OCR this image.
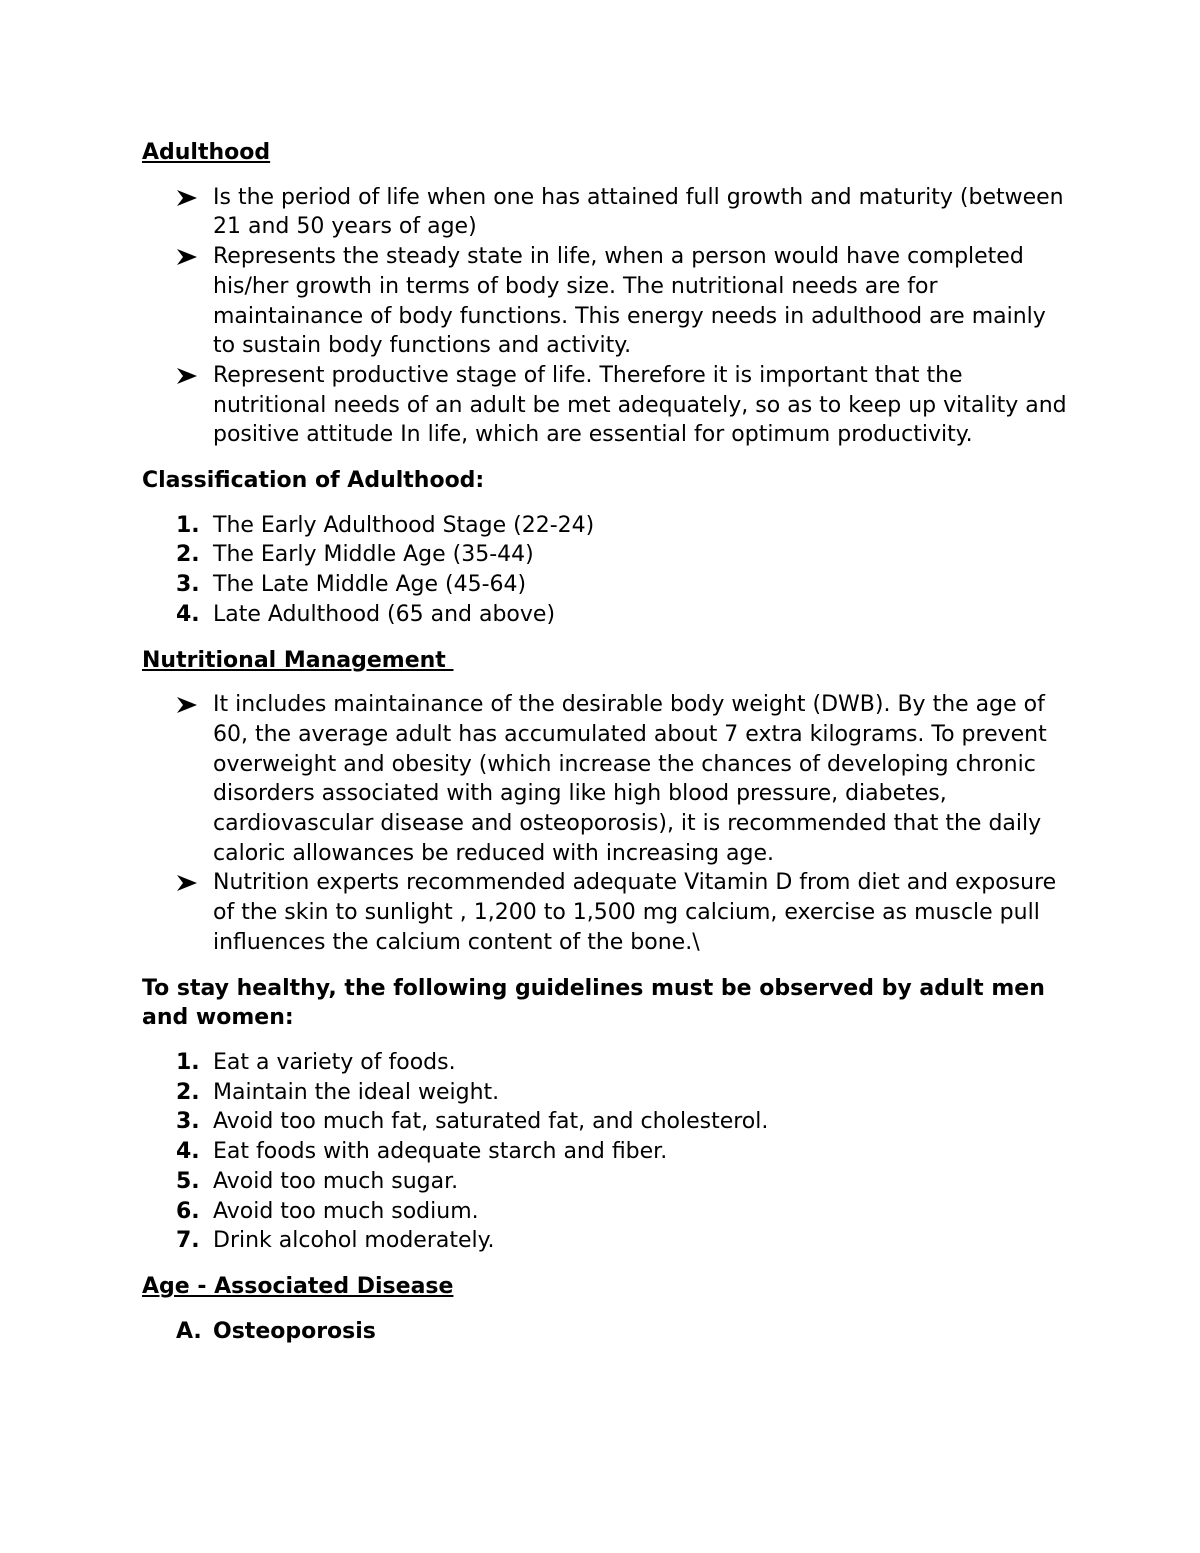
Adulthood

Is the period of life when one has attained full growth and maturity (between 21 and 50 years of age)
Represents the steady state in life, when a person would have completed his/her growth in terms of body size. The nutritional needs are for maintainance of body functions. This energy needs in adulthood are mainly to sustain body functions and activity.
Represent productive stage of life. Therefore it is important that the nutritional needs of an adult be met adequately, so as to keep up vitality and positive attitude In life, which are essential for optimum productivity.

Classification of Adulthood:

1. The Early Adulthood Stage (22-24)
2. The Early Middle Age (35-44)
3. The Late Middle Age (45-64)
4. Late Adulthood (65 and above)

Nutritional Management

It includes maintainance of the desirable body weight (DWB). By the age of 60, the average adult has accumulated about 7 extra kilograms. To prevent overweight and obesity (which increase the chances of developing chronic disorders associated with aging like high blood pressure, diabetes, cardiovascular disease and osteoporosis), it is recommended that the daily caloric allowances be reduced with increasing age.
Nutrition experts recommended adequate Vitamin D from diet and exposure of the skin to sunlight , 1,200 to 1,500 mg calcium, exercise as muscle pull influences the calcium content of the bone.\

To stay healthy, the following guidelines must be observed by adult men and women:

1. Eat a variety of foods.
2. Maintain the ideal weight.
3. Avoid too much fat, saturated fat, and cholesterol.
4. Eat foods with adequate starch and fiber.
5. Avoid too much sugar.
6. Avoid too much sodium.
7. Drink alcohol moderately.

Age - Associated Disease

A. Osteoporosis
